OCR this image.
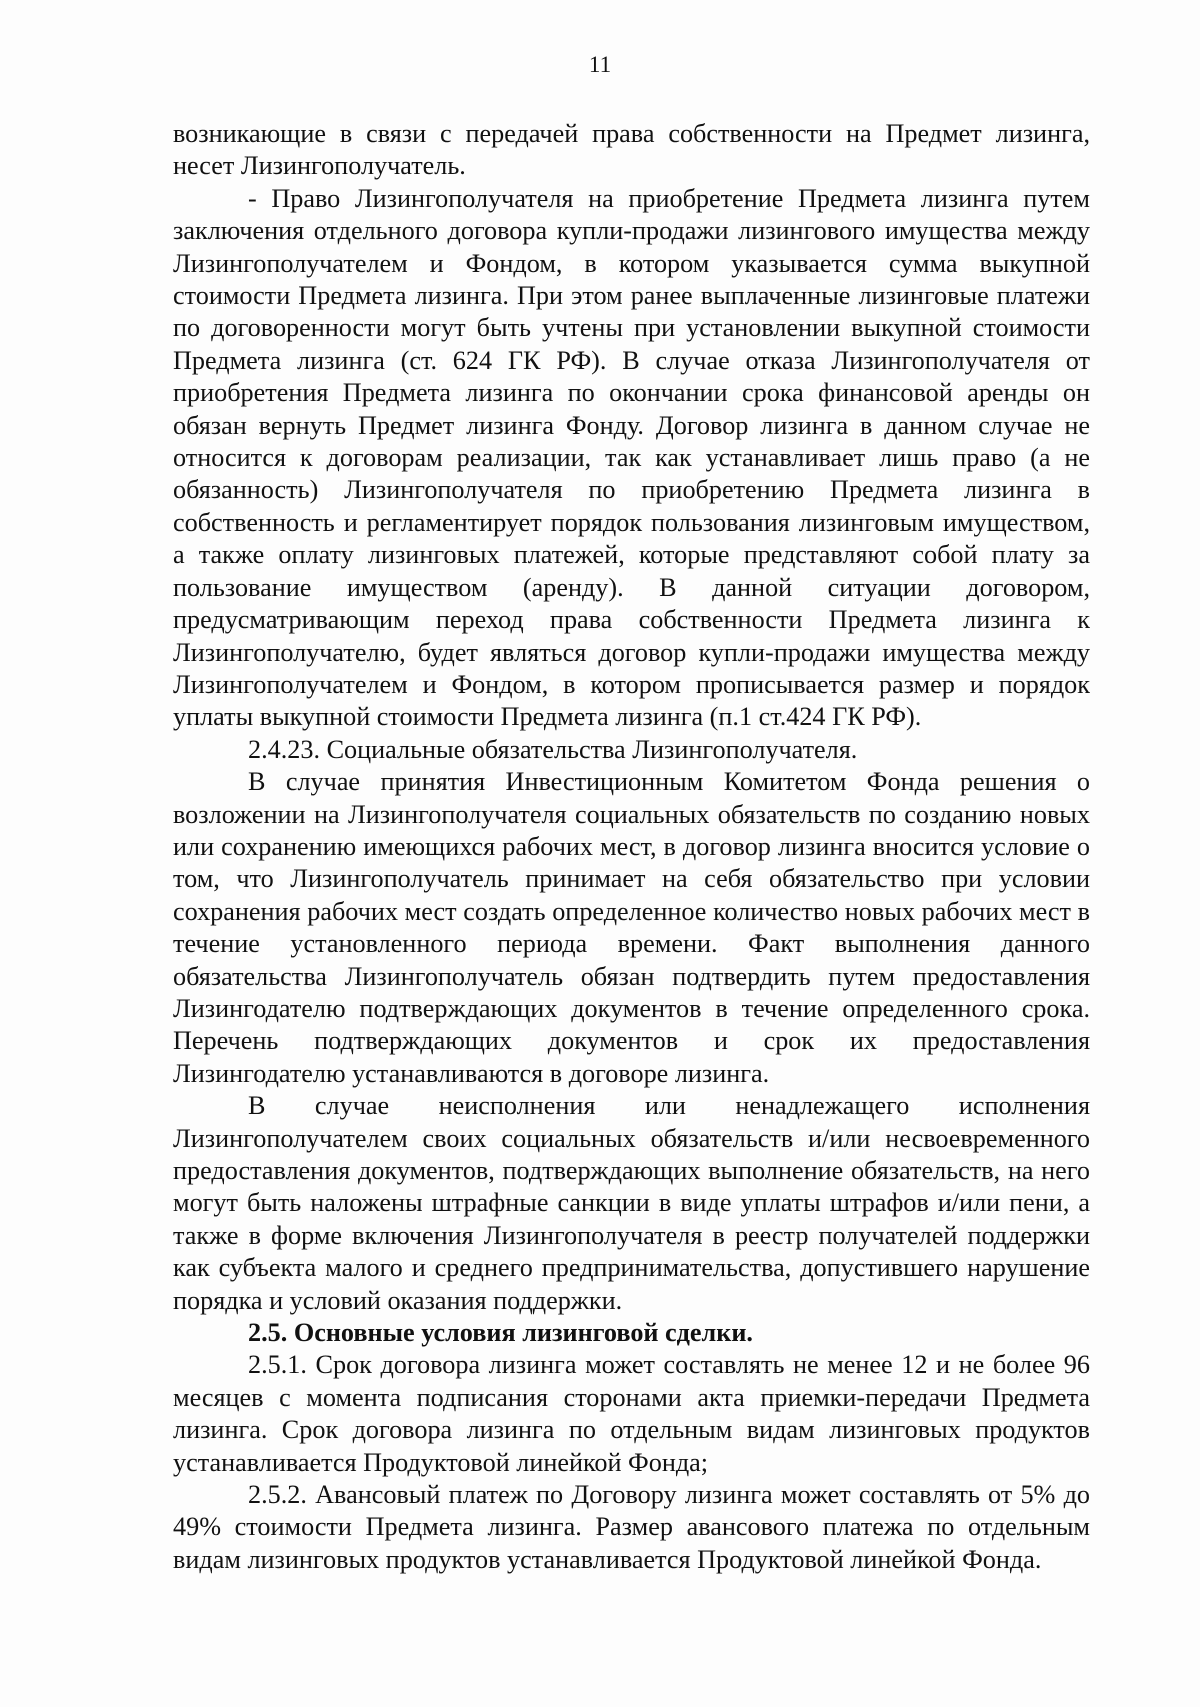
11

возникающие в связи с передачей права собственности на Предмет лизинга, несет Лизингополучатель.

- Право Лизингополучателя на приобретение Предмета лизинга путем заключения отдельного договора купли-продажи лизингового имущества между Лизингополучателем и Фондом, в котором указывается сумма выкупной стоимости Предмета лизинга. При этом ранее выплаченные лизинговые платежи по договоренности могут быть учтены при установлении выкупной стоимости Предмета лизинга (ст. 624 ГК РФ). В случае отказа Лизингополучателя от приобретения Предмета лизинга по окончании срока финансовой аренды он обязан вернуть Предмет лизинга Фонду. Договор лизинга в данном случае не относится к договорам реализации, так как устанавливает лишь право (а не обязанность) Лизингополучателя по приобретению Предмета лизинга в собственность и регламентирует порядок пользования лизинговым имуществом, а также оплату лизинговых платежей, которые представляют собой плату за пользование имуществом (аренду). В данной ситуации договором, предусматривающим переход права собственности Предмета лизинга к Лизингополучателю, будет являться договор купли-продажи имущества между Лизингополучателем и Фондом, в котором прописывается размер и порядок уплаты выкупной стоимости Предмета лизинга (п.1 ст.424 ГК РФ).

2.4.23. Социальные обязательства Лизингополучателя.

В случае принятия Инвестиционным Комитетом Фонда решения о возложении на Лизингополучателя социальных обязательств по созданию новых или сохранению имеющихся рабочих мест, в договор лизинга вносится условие о том, что Лизингополучатель принимает на себя обязательство при условии сохранения рабочих мест создать определенное количество новых рабочих мест в течение установленного периода времени. Факт выполнения данного обязательства Лизингополучатель обязан подтвердить путем предоставления Лизингодателю подтверждающих документов в течение определенного срока. Перечень подтверждающих документов и срок их предоставления Лизингодателю устанавливаются в договоре лизинга.

В случае неисполнения или ненадлежащего исполнения Лизингополучателем своих социальных обязательств и/или несвоевременного предоставления документов, подтверждающих выполнение обязательств, на него могут быть наложены штрафные санкции в виде уплаты штрафов и/или пени, а также в форме включения Лизингополучателя в реестр получателей поддержки как субъекта малого и среднего предпринимательства, допустившего нарушение порядка и условий оказания поддержки.

2.5. Основные условия лизинговой сделки.

2.5.1. Срок договора лизинга может составлять не менее 12 и не более 96 месяцев с момента подписания сторонами акта приемки-передачи Предмета лизинга. Срок договора лизинга по отдельным видам лизинговых продуктов устанавливается Продуктовой линейкой Фонда;

2.5.2. Авансовый платеж по Договору лизинга может составлять от 5% до 49% стоимости Предмета лизинга. Размер авансового платежа по отдельным видам лизинговых продуктов устанавливается Продуктовой линейкой Фонда.
